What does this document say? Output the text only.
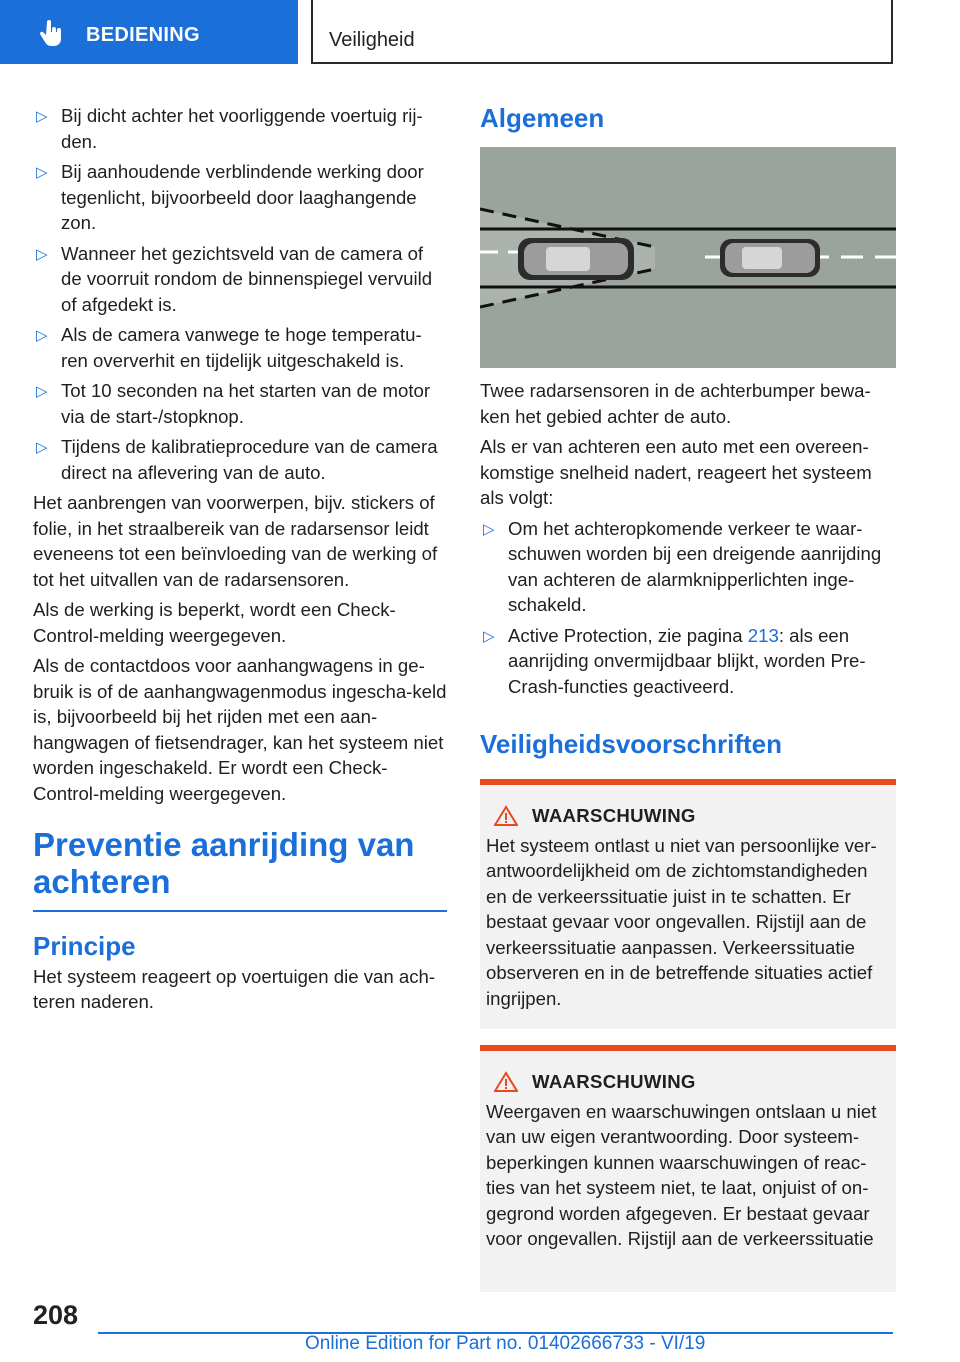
BEDIENING	Veiligheid
▷ Bij dicht achter het voorliggende voertuig rij-den.
▷ Bij aanhoudende verblindende werking door tegenlicht, bijvoorbeeld door laaghangende zon.
▷ Wanneer het gezichtsveld van de camera of de voorruit rondom de binnenspiegel vervuild of afgedekt is.
▷ Als de camera vanwege te hoge temperatu-ren oververhit en tijdelijk uitgeschakeld is.
▷ Tot 10 seconden na het starten van de motor via de start-/stopknop.
▷ Tijdens de kalibratieprocedure van de camera direct na aflevering van de auto.

Het aanbrengen van voorwerpen, bijv. stickers of folie, in het straalbereik van de radarsensor leidt eveneens tot een beïnvloeding van de werking of tot het uitvallen van de radarsensoren.

Als de werking is beperkt, wordt een Check-Control-melding weergegeven.

Als de contactdoos voor aanhangwagens in ge-bruik is of de aanhangwagenmodus ingescha-keld is, bijvoorbeeld bij het rijden met een aan-hangwagen of fietsendrager, kan het systeem niet worden ingeschakeld. Er wordt een Check-Control-melding weergegeven.

Preventie aanrijding van achteren
Principe

Het systeem reageert op voertuigen die van ach-teren naderen.

Algemeen

Twee radarsensoren in de achterbumper bewa-ken het gebied achter de auto.

Als er van achteren een auto met een overeen-komstige snelheid nadert, reageert het systeem als volgt:

▷ Om het achteropkomende verkeer te waar-schuwen worden bij een dreigende aanrijding van achteren de alarmknipperlichten inge-schakeld.
▷ Active Protection, zie pagina 213: als een aanrijding onvermijdbaar blijkt, worden Pre-Crash-functies geactiveerd.
Veiligheidsvoorschriften
WAARSCHUWING

Het systeem ontlast u niet van persoonlijke ver-antwoordelijkheid om de zichtomstandigheden en de verkeerssituatie juist in te schatten. Er bestaat gevaar voor ongevallen. Rijstijl aan de verkeerssituatie aanpassen. Verkeerssituatie observeren en in de betreffende situaties actief ingrijpen.

WAARSCHUWING

Weergaven en waarschuwingen ontslaan u niet van uw eigen verantwoording. Door systeem-beperkingen kunnen waarschuwingen of reac-ties van het systeem niet, te laat, onjuist of on-gegrond worden afgegeven. Er bestaat gevaar voor ongevallen. Rijstijl aan de verkeerssituatie

208
Online Edition for Part no. 01402666733 - VI/19
